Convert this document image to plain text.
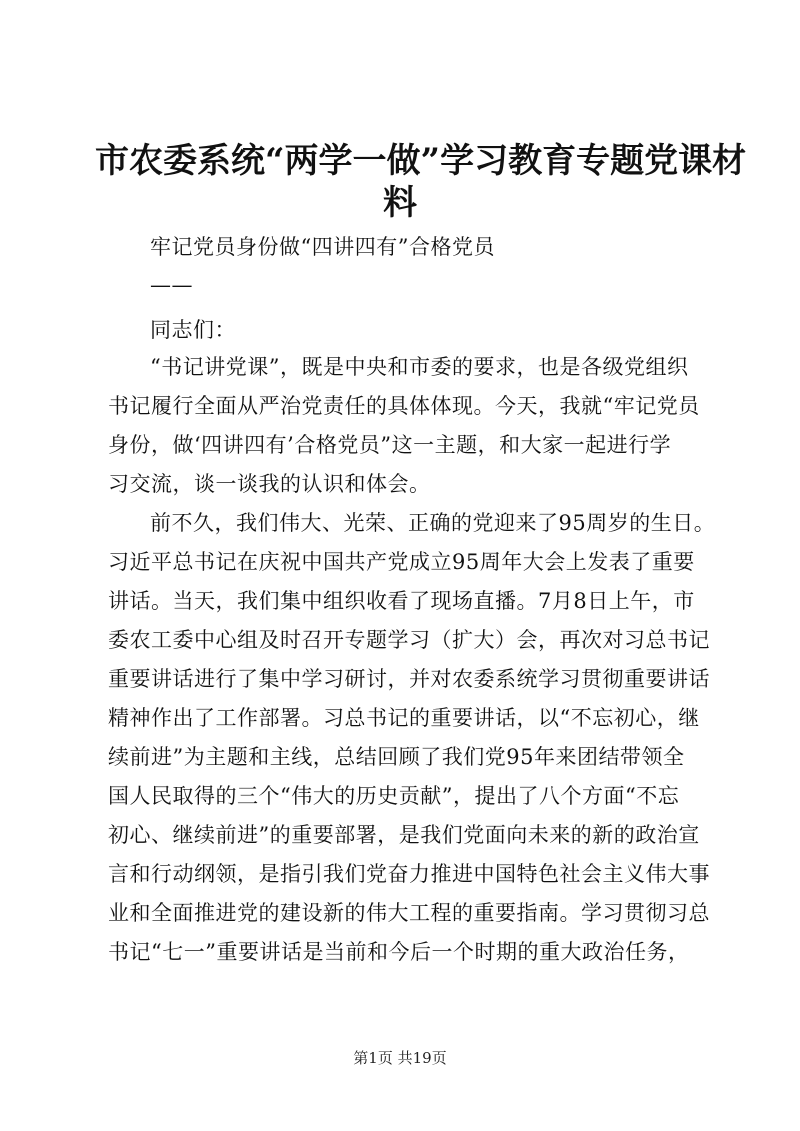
市农委系统“两学一做”学习教育专题党课材
料
牢记党员身份做“四讲四有”合格党员
——
同志们：
“书记讲党课”，既是中央和市委的要求，也是各级党组织
书记履行全面从严治党责任的具体体现。今天，我就“牢记党员
身份，做‘四讲四有’合格党员”这一主题，和大家一起进行学
习交流，谈一谈我的认识和体会。
前不久，我们伟大、光荣、正确的党迎来了95周岁的生日。
习近平总书记在庆祝中国共产党成立95周年大会上发表了重要
讲话。当天，我们集中组织收看了现场直播。7月8日上午，市
委农工委中心组及时召开专题学习（扩大）会，再次对习总书记
重要讲话进行了集中学习研讨，并对农委系统学习贯彻重要讲话
精神作出了工作部署。习总书记的重要讲话，以“不忘初心，继
续前进”为主题和主线，总结回顾了我们党95年来团结带领全
国人民取得的三个“伟大的历史贡献”，提出了八个方面“不忘
初心、继续前进”的重要部署，是我们党面向未来的新的政治宣
言和行动纲领，是指引我们党奋力推进中国特色社会主义伟大事
业和全面推进党的建设新的伟大工程的重要指南。学习贯彻习总
书记“七一”重要讲话是当前和今后一个时期的重大政治任务，
第1页 共19页
